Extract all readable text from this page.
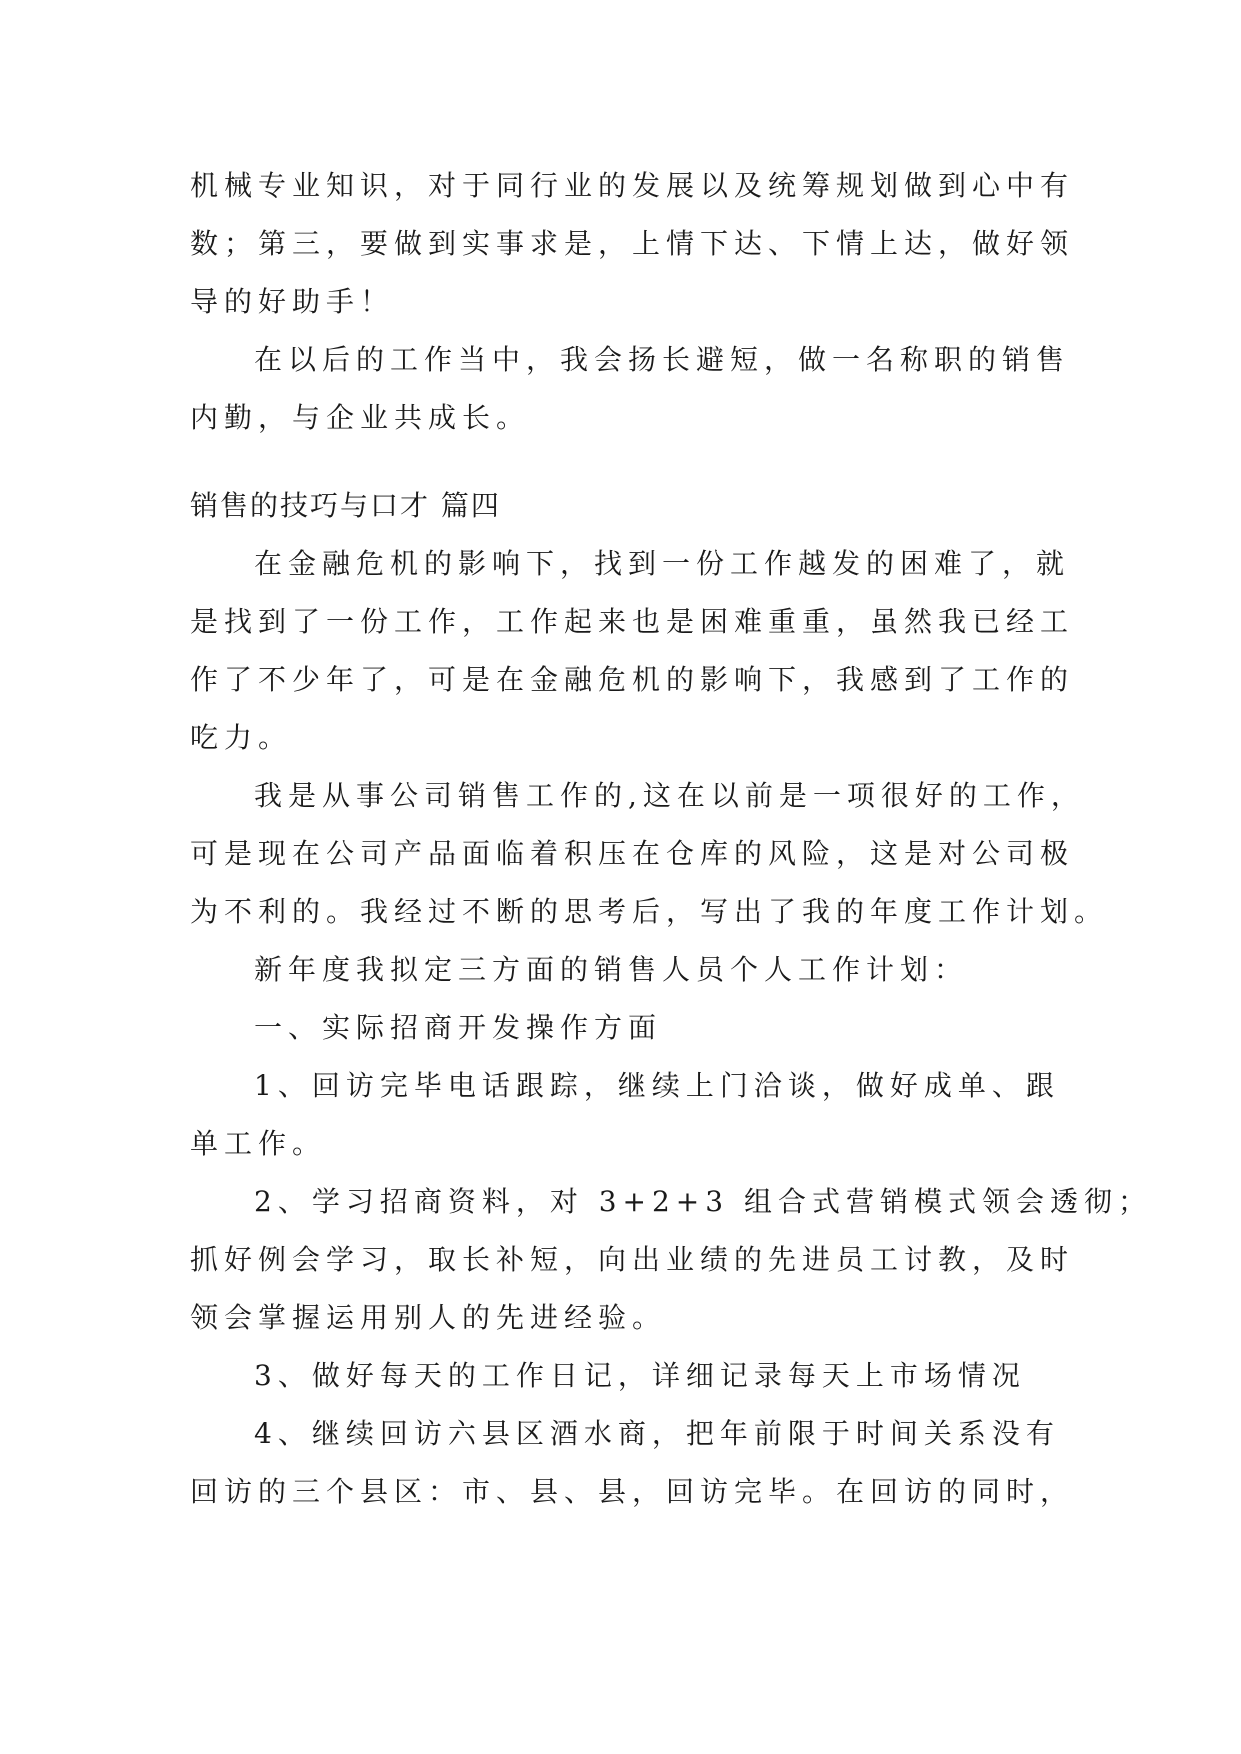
机械专业知识，对于同行业的发展以及统筹规划做到心中有
数；第三，要做到实事求是，上情下达、下情上达，做好领
导的好助手！
在以后的工作当中，我会扬长避短，做一名称职的销售
内勤，与企业共成长。
销售的技巧与口才 篇四
在金融危机的影响下，找到一份工作越发的困难了，就
是找到了一份工作，工作起来也是困难重重，虽然我已经工
作了不少年了，可是在金融危机的影响下，我感到了工作的
吃力。
我是从事公司销售工作的,这在以前是一项很好的工作，
可是现在公司产品面临着积压在仓库的风险，这是对公司极
为不利的。我经过不断的思考后，写出了我的年度工作计划。
新年度我拟定三方面的销售人员个人工作计划：
一、实际招商开发操作方面
1、回访完毕电话跟踪，继续上门洽谈，做好成单、跟
单工作。
2、学习招商资料，对 3+2+3 组合式营销模式领会透彻；
抓好例会学习，取长补短，向出业绩的先进员工讨教，及时
领会掌握运用别人的先进经验。
3、做好每天的工作日记，详细记录每天上市场情况
4、继续回访六县区酒水商，把年前限于时间关系没有
回访的三个县区：市、县、县，回访完毕。在回访的同时，
